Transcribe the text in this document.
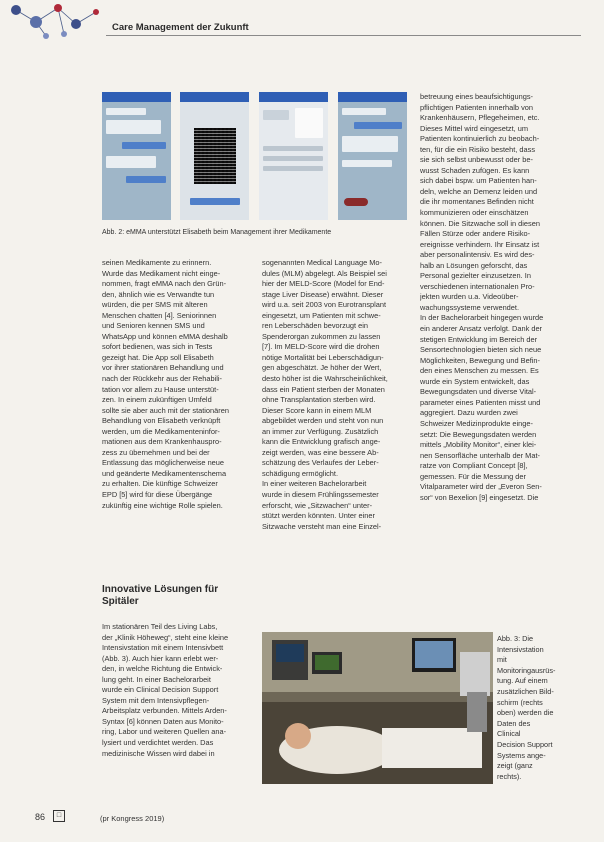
Care Management der Zukunft
Abb. 2: eMMA unterstützt Elisabeth beim Management ihrer Medikamente
seinen Medikamente zu erinnern.
Wurde das Medikament nicht einge-
nommen, fragt eMMA nach den Grün-
den, ähnlich wie es Verwandte tun
würden, die per SMS mit älteren
Menschen chatten [4]. Seniorinnen
und Senioren kennen SMS und
WhatsApp und können eMMA deshalb
sofort bedienen, was sich in Tests
gezeigt hat. Die App soll Elisabeth
vor ihrer stationären Behandlung und
nach der Rückkehr aus der Rehabili-
tation vor allem zu Hause unterstüt-
zen. In einem zukünftigen Umfeld
sollte sie aber auch mit der stationären
Behandlung von Elisabeth verknüpft
werden, um die Medikamenteninfor-
mationen aus dem Krankenhauspro-
zess zu übernehmen und bei der
Entlassung das möglicherweise neue
und geänderte Medikamentenschema
zu erhalten. Die künftige Schweizer
EPD [5] wird für diese Übergänge
zukünftig eine wichtige Rolle spielen.
Innovative Lösungen für
Spitäler
Im stationären Teil des Living Labs,
der „Klinik Höheweg“, steht eine kleine
Intensivstation mit einem Intensivbett
(Abb. 3). Auch hier kann erlebt wer-
den, in welche Richtung die Entwick-
lung geht. In einer Bachelorarbeit
wurde ein Clinical Decision Support
System mit dem Intensivpflegen-
Arbeitsplatz verbunden. Mittels Arden-
Syntax [6] können Daten aus Monito-
ring, Labor und weiteren Quellen ana-
lysiert und verdichtet werden. Das
medizinische Wissen wird dabei in
sogenannten Medical Language Mo-
dules (MLM) abgelegt. Als Beispiel sei
hier der MELD-Score (Model for End-
stage Liver Disease) erwähnt. Dieser
wird u.a. seit 2003 von Eurotransplant
eingesetzt, um Patienten mit schwe-
ren Leberschäden bevorzugt ein
Spenderorgan zukommen zu lassen
[7]. Im MELD-Score wird die drohen
nötige Mortalität bei Leberschädigun-
gen abgeschätzt. Je höher der Wert,
desto höher ist die Wahrscheinlichkeit,
dass ein Patient sterben der Monaten
ohne Transplantation sterben wird.
Dieser Score kann in einem MLM
abgebildet werden und steht von nun
an immer zur Verfügung. Zusätzlich
kann die Entwicklung grafisch ange-
zeigt werden, was eine bessere Ab-
schätzung des Verlaufes der Leber-
schädigung ermöglicht.
In einer weiteren Bachelorarbeit
wurde in diesem Frühlingssemester
erforscht, wie „Sitzwachen“ unter-
stützt werden könnten. Unter einer
Sitzwache versteht man eine Einzel-
betreuung eines beaufsichtigungs-
pflichtigen Patienten innerhalb von
Krankenhäusern, Pflegeheimen, etc.
Dieses Mittel wird eingesetzt, um
Patienten kontinuierlich zu beobach-
ten, für die ein Risiko besteht, dass
sie sich selbst unbewusst oder be-
wusst Schaden zufügen. Es kann
sich dabei bspw. um Patienten han-
deln, welche an Demenz leiden und
die ihr momentanes Befinden nicht
kommunizieren oder einschätzen
können. Die Sitzwache soll in diesen
Fällen Stürze oder andere Risiko-
ereignisse verhindern. Ihr Einsatz ist
aber personalintensiv. Es wird des-
halb an Lösungen geforscht, das
Personal gezielter einzusetzen. In
verschiedenen internationalen Pro-
jekten wurden u.a. Videoüber-
wachungssysteme verwendet.
In der Bachelorarbeit hingegen wurde
ein anderer Ansatz verfolgt. Dank der
stetigen Entwicklung im Bereich der
Sensortechnologien bieten sich neue
Möglichkeiten, Bewegung und Befin-
den eines Menschen zu messen. Es
wurde ein System entwickelt, das
Bewegungsdaten und diverse Vital-
parameter eines Patienten misst und
aggregiert. Dazu wurden zwei
Schweizer Medizinprodukte einge-
setzt: Die Bewegungsdaten werden
mittels „Mobility Monitor“, einer klei-
nen Sensorfläche unterhalb der Mat-
ratze von Compliant Concept [8],
gemessen. Für die Messung der
Vitalparameter wird der „Everon Sen-
sor“ von Bexelion [9] eingesetzt. Die
Abb. 3: Die
Intensivstation mit
Monitoringausrüs-
tung. Auf einem
zusätzlichen Bild-
schirm (rechts
oben) werden die
Daten des Clinical
Decision Support
Systems ange-
zeigt (ganz
rechts).
86	□	(pr Kongress 2019)
